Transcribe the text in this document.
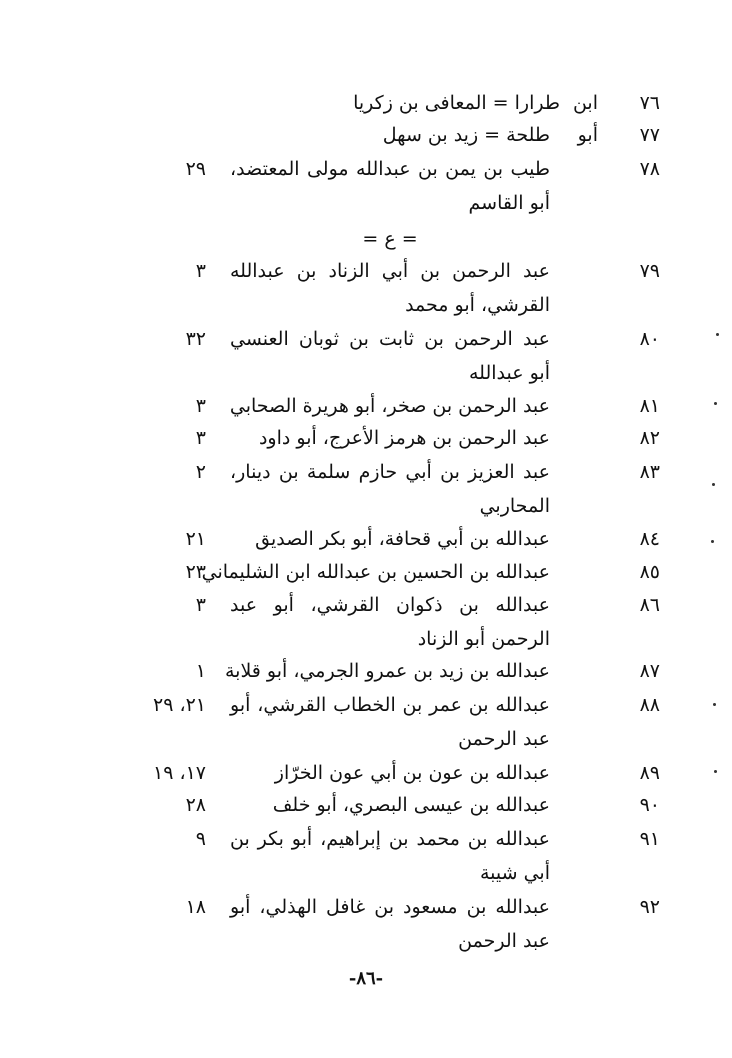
٧٦
ابن
طرارا = المعافى بن زكريا
٧٧
أبو
طلحة = زيد بن سهل
٧٨
طيب بن يمن بن عبدالله مولى المعتضد، أبو القاسم
٢٩
= ع =
٧٩
عبد الرحمن بن أبي الزناد بن عبدالله القرشي، أبو محمد
٣
٨٠
عبد الرحمن بن ثابت بن ثوبان العنسي أبو عبدالله
٣٢
٨١
عبد الرحمن بن صخر، أبو هريرة الصحابي
٣
٨٢
عبد الرحمن بن هرمز الأعرج، أبو داود
٣
٨٣
عبد العزيز بن أبي حازم سلمة بن دينار، المحاربي
٢
٨٤
عبدالله بن أبي قحافة، أبو بكر الصديق
٢١
٨٥
عبدالله بن الحسين بن عبدالله ابن الشليماني
٢٣
٨٦
عبدالله بن ذكوان القرشي، أبو عبد الرحمن أبو الزناد
٣
٨٧
عبدالله بن زيد بن عمرو الجرمي، أبو قلابة
١
٨٨
عبدالله بن عمر بن الخطاب القرشي، أبو عبد الرحمن
٢١، ٢٩
٨٩
عبدالله بن عون بن أبي عون الخرّاز
١٧، ١٩
٩٠
عبدالله بن عيسى البصري، أبو خلف
٢٨
٩١
عبدالله بن محمد بن إبراهيم، أبو بكر بن أبي شيبة
٩
٩٢
عبدالله بن مسعود بن غافل الهذلي، أبو عبد الرحمن
١٨
-٨٦-
